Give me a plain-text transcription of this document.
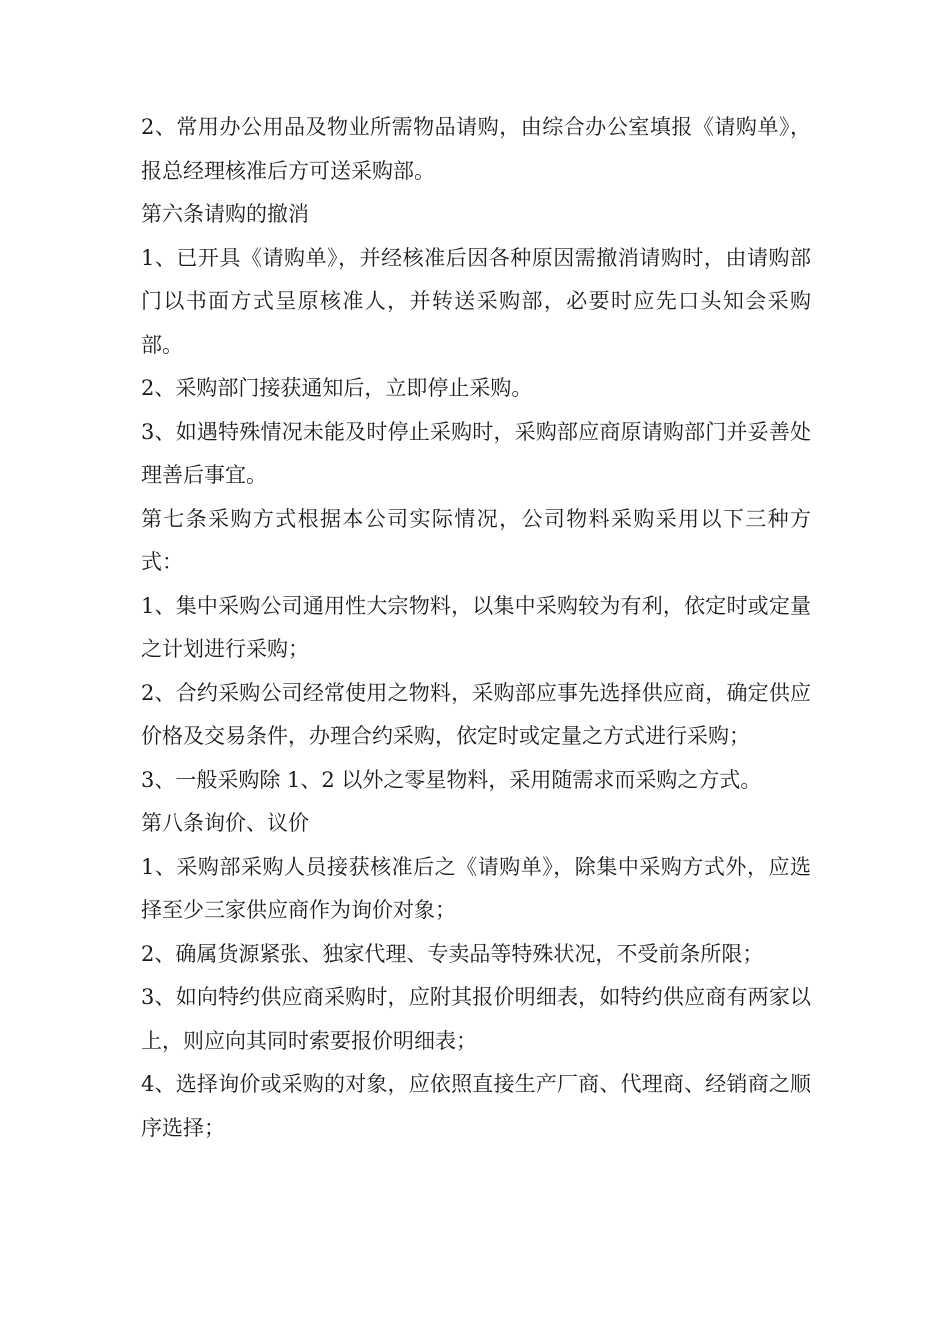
2、常用办公用品及物业所需物品请购，由综合办公室填报《请购单》，报总经理核准后方可送采购部。

第六条请购的撤消

1、已开具《请购单》，并经核准后因各种原因需撤消请购时，由请购部门以书面方式呈原核准人，并转送采购部，必要时应先口头知会采购部。

2、采购部门接获通知后，立即停止采购。

3、如遇特殊情况未能及时停止采购时，采购部应商原请购部门并妥善处理善后事宜。

第七条采购方式根据本公司实际情况，公司物料采购采用以下三种方式：

1、集中采购公司通用性大宗物料，以集中采购较为有利，依定时或定量之计划进行采购；

2、合约采购公司经常使用之物料，采购部应事先选择供应商，确定供应价格及交易条件，办理合约采购，依定时或定量之方式进行采购；

3、一般采购除 1、2 以外之零星物料，采用随需求而采购之方式。

第八条询价、议价

1、采购部采购人员接获核准后之《请购单》，除集中采购方式外，应选择至少三家供应商作为询价对象；

2、确属货源紧张、独家代理、专卖品等特殊状况，不受前条所限；

3、如向特约供应商采购时，应附其报价明细表，如特约供应商有两家以上，则应向其同时索要报价明细表；

4、选择询价或采购的对象，应依照直接生产厂商、代理商、经销商之顺序选择；
